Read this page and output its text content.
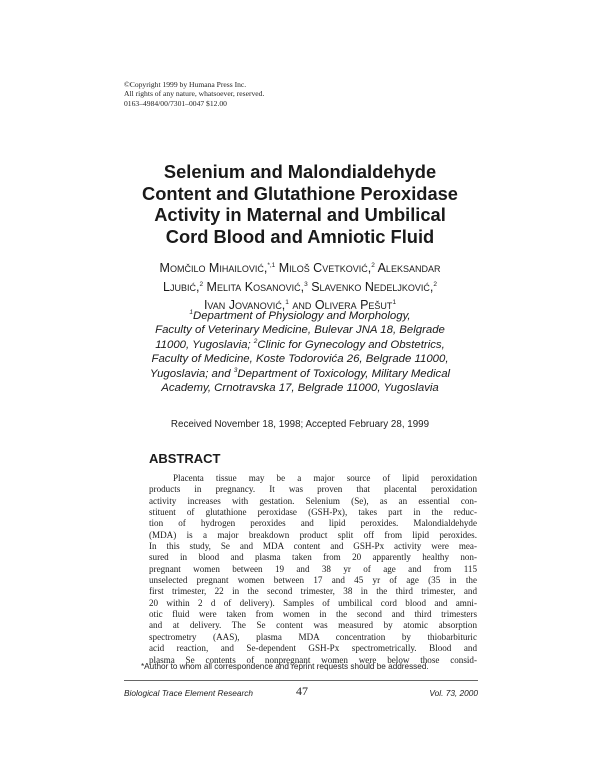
©Copyright 1999 by Humana Press Inc.
All rights of any nature, whatsoever, reserved.
0163–4984/00/7301–0047 $12.00
Selenium and Malondialdehyde
Content and Glutathione Peroxidase
Activity in Maternal and Umbilical
Cord Blood and Amniotic Fluid
Momčilo Mihailović,$^{*,1}$ Miloš Cvetković,$^2$ Aleksandar
Ljubić,$^2$ Melita Kosanović,$^3$ Slavenko Nedeljković,$^2$
Ivan Jovanović,$^1$ and Olivera Pešut$^1$
$^1$Department of Physiology and Morphology,
Faculty of Veterinary Medicine, Bulevar JNA 18, Belgrade
11000, Yugoslavia; $^2$Clinic for Gynecology and Obstetrics,
Faculty of Medicine, Koste Todorovića 26, Belgrade 11000,
Yugoslavia; and $^3$Department of Toxicology, Military Medical
Academy, Crnotravska 17, Belgrade 11000, Yugoslavia
Received November 18, 1998; Accepted February 28, 1999
ABSTRACT
Placenta tissue may be a major source of lipid peroxidation
products in pregnancy. It was proven that placental peroxidation
activity increases with gestation. Selenium (Se), as an essential con-
stituent of glutathione peroxidase (GSH-Px), takes part in the reduc-
tion of hydrogen peroxides and lipid peroxides. Malondialdehyde
(MDA) is a major breakdown product split off from lipid peroxides.
In this study, Se and MDA content and GSH-Px activity were mea-
sured in blood and plasma taken from 20 apparently healthy non-
pregnant women between 19 and 38 yr of age and from 115
unselected pregnant women between 17 and 45 yr of age (35 in the
first trimester, 22 in the second trimester, 38 in the third trimester, and
20 within 2 d of delivery). Samples of umbilical cord blood and amni-
otic fluid were taken from women in the second and third trimesters
and at delivery. The Se content was measured by atomic absorption
spectrometry (AAS), plasma MDA concentration by thiobarbituric
acid reaction, and Se-dependent GSH-Px spectrometrically. Blood and
plasma Se contents of nonpregnant women were below those consid-
*Author to whom all correspondence and reprint requests should be addressed.
Biological Trace Element Research	47	Vol. 73, 2000
